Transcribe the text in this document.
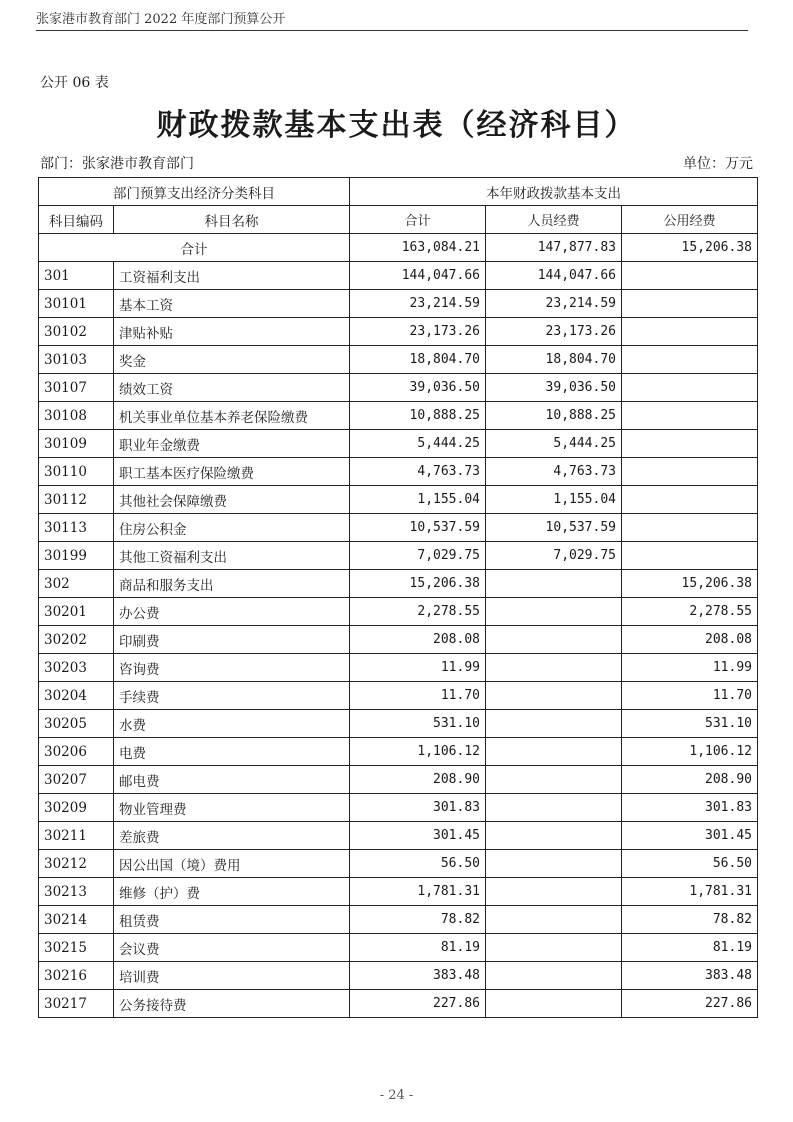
张家港市教育部门 2022 年度部门预算公开
公开 06 表
财政拨款基本支出表（经济科目）
部门：张家港市教育部门	单位：万元
部门预算支出经济分类科目		本年财政拨款基本支出		
科目编码	科目名称	合计	人员经费	公用经费
合计		163,084.21	147,877.83	15,206.38
301	工资福利支出	144,047.66	144,047.66	
30101	基本工资	23,214.59	23,214.59	
30102	津贴补贴	23,173.26	23,173.26	
30103	奖金	18,804.70	18,804.70	
30107	绩效工资	39,036.50	39,036.50	
30108	机关事业单位基本养老保险缴费	10,888.25	10,888.25	
30109	职业年金缴费	5,444.25	5,444.25	
30110	职工基本医疗保险缴费	4,763.73	4,763.73	
30112	其他社会保障缴费	1,155.04	1,155.04	
30113	住房公积金	10,537.59	10,537.59	
30199	其他工资福利支出	7,029.75	7,029.75	
302	商品和服务支出	15,206.38		15,206.38
30201	办公费	2,278.55		2,278.55
30202	印刷费	208.08		208.08
30203	咨询费	11.99		11.99
30204	手续费	11.70		11.70
30205	水费	531.10		531.10
30206	电费	1,106.12		1,106.12
30207	邮电费	208.90		208.90
30209	物业管理费	301.83		301.83
30211	差旅费	301.45		301.45
30212	因公出国（境）费用	56.50		56.50
30213	维修（护）费	1,781.31		1,781.31
30214	租赁费	78.82		78.82
30215	会议费	81.19		81.19
30216	培训费	383.48		383.48
30217	公务接待费	227.86		227.86
- 24 -
